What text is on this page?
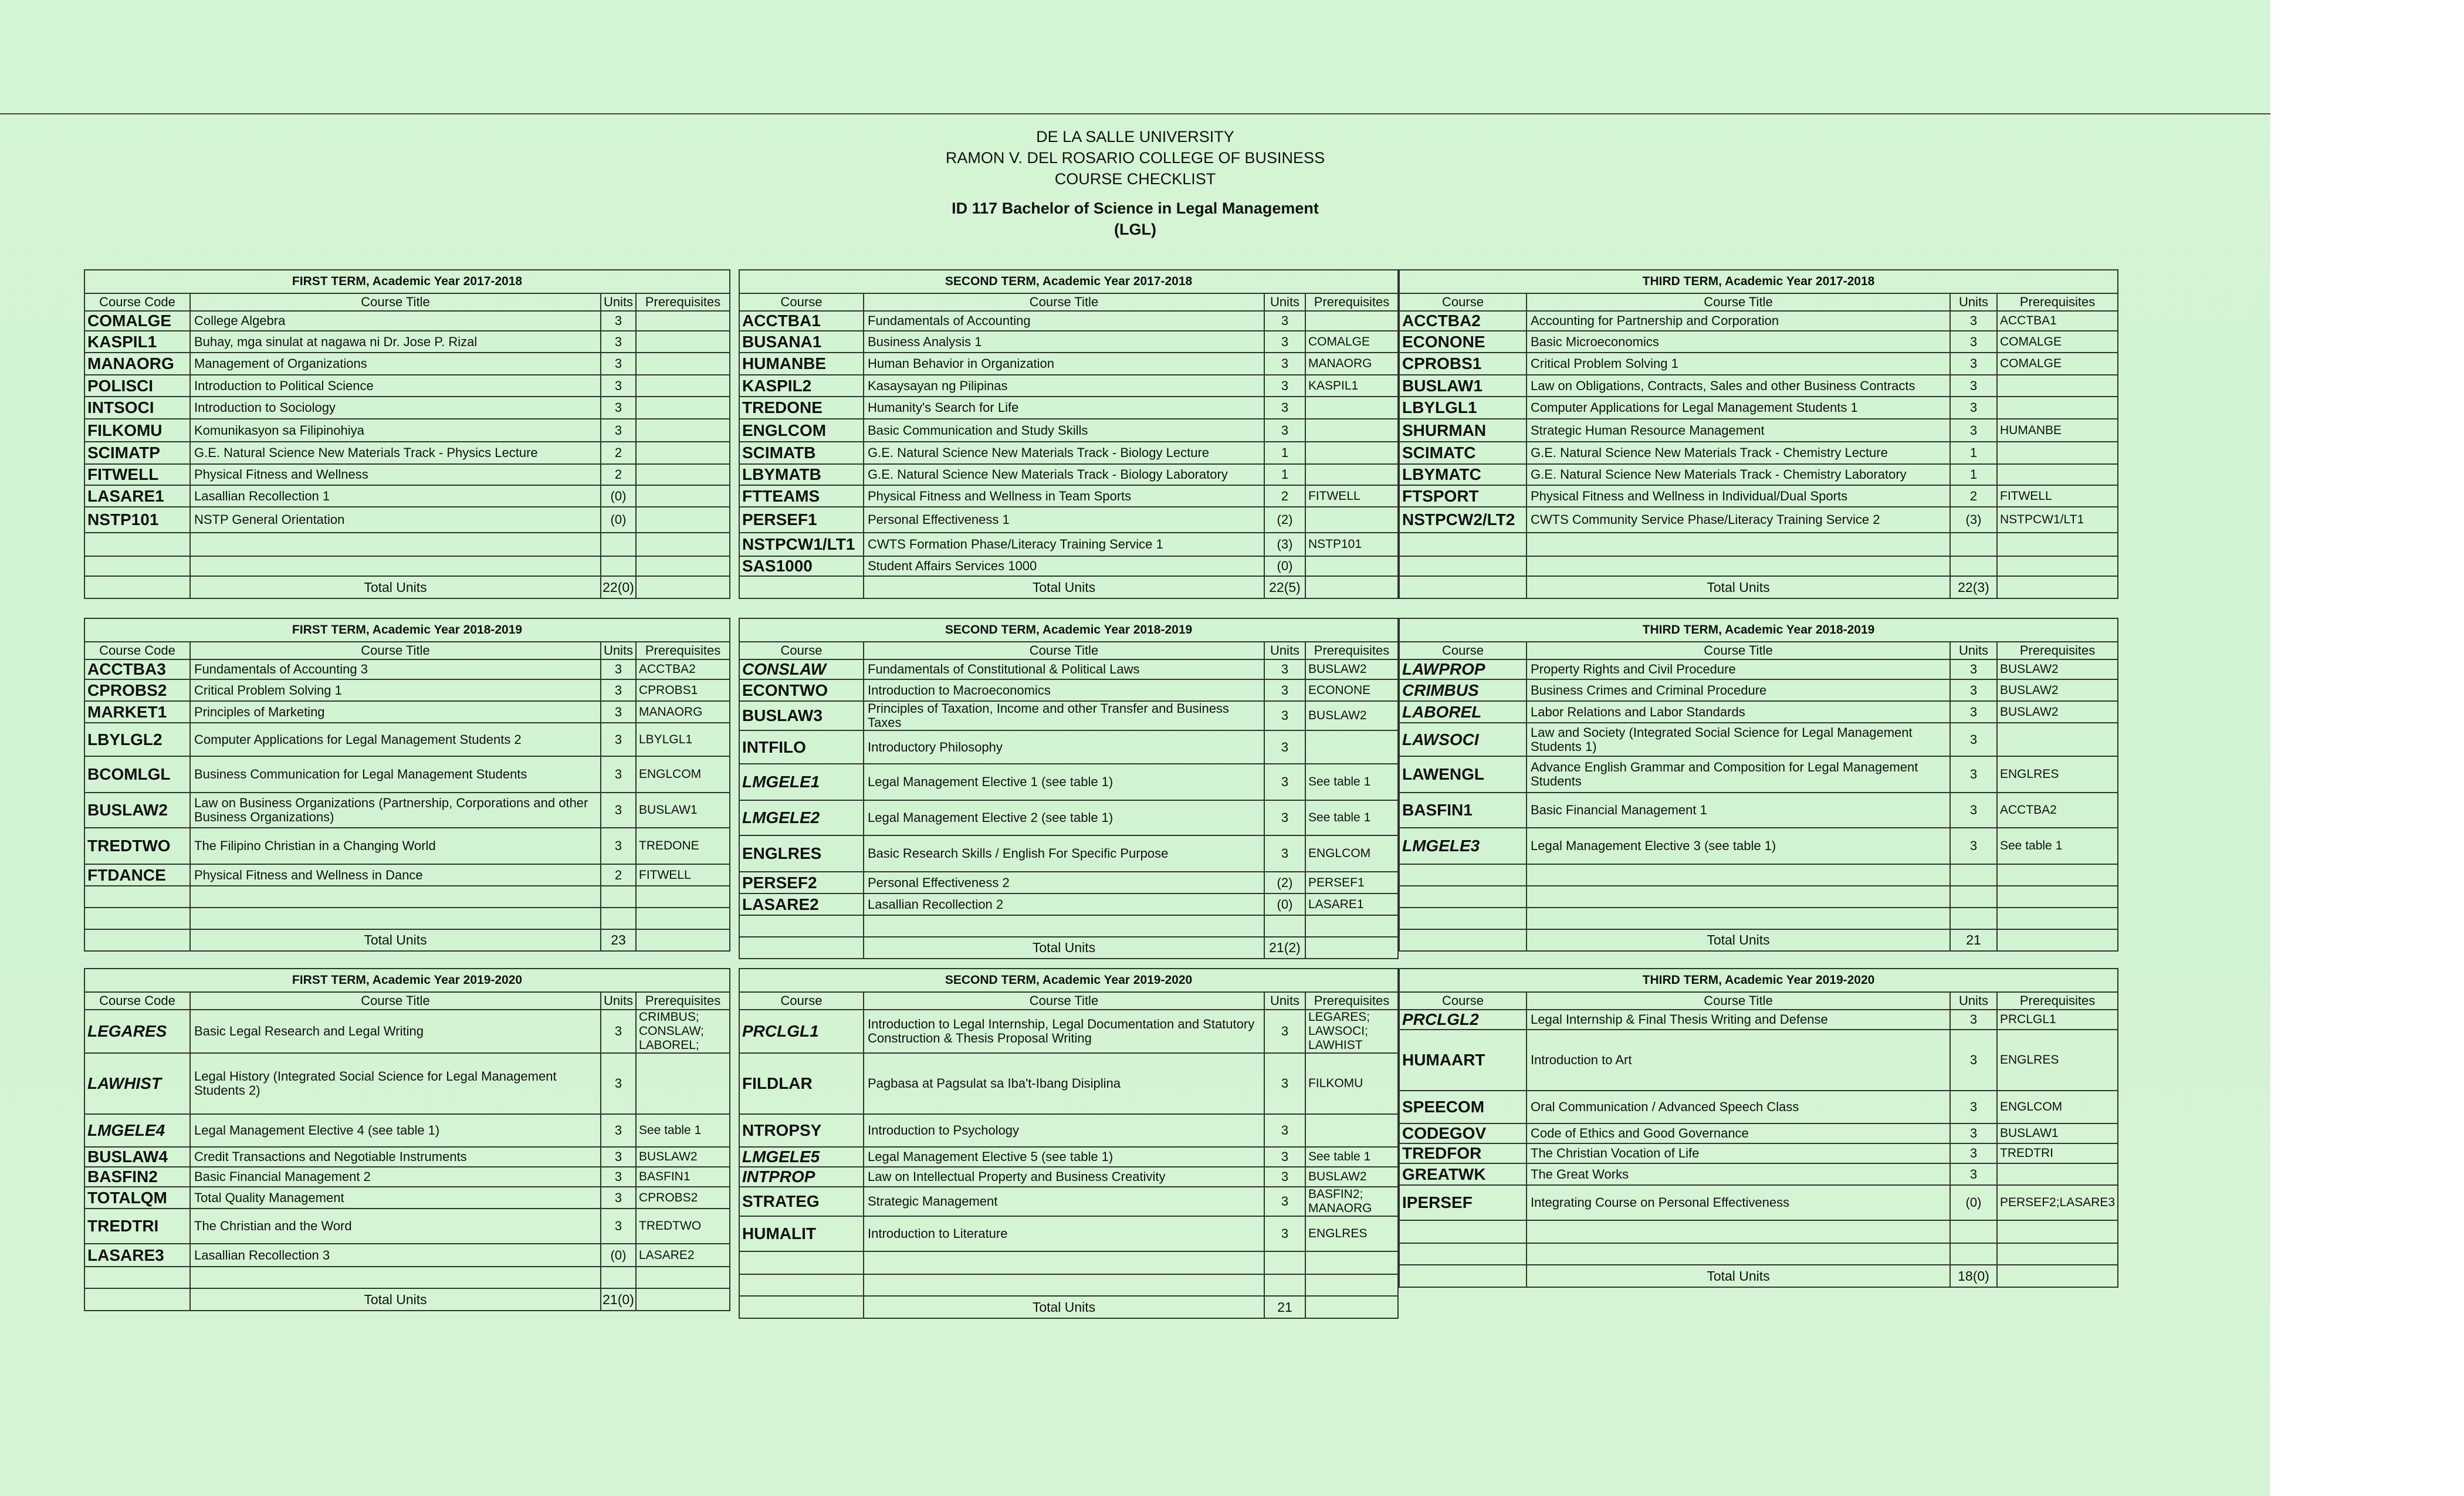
DE LA SALLE UNIVERSITY
RAMON V. DEL ROSARIO COLLEGE OF BUSINESS
COURSE CHECKLIST
ID 117 Bachelor of Science in Legal Management
(LGL)
FIRST TERM, Academic Year 2017-2018			
Course Code	Course Title	Units	Prerequisites
COMALGE	College Algebra	3	
KASPIL1	Buhay, mga sinulat at nagawa ni Dr. Jose P. Rizal	3	
MANAORG	Management of Organizations	3	
POLISCI	Introduction to Political Science	3	
INTSOCI	Introduction to Sociology	3	
FILKOMU	Komunikasyon sa Filipinohiya	3	
SCIMATP	G.E. Natural Science New Materials Track - Physics Lecture	2	
FITWELL	Physical Fitness and Wellness	2	
LASARE1	Lasallian Recollection 1	(0)	
NSTP101	NSTP General Orientation	(0)	

	Total Units	22(0)	
SECOND TERM, Academic Year 2017-2018			
Course	Course Title	Units	Prerequisites
ACCTBA1	Fundamentals of Accounting	3	
BUSANA1	Business Analysis 1	3	COMALGE
HUMANBE	Human Behavior in Organization	3	MANAORG
KASPIL2	Kasaysayan ng Pilipinas	3	KASPIL1
TREDONE	Humanity's Search for Life	3	
ENGLCOM	Basic Communication and Study Skills	3	
SCIMATB	G.E. Natural Science New Materials Track - Biology Lecture	1	
LBYMATB	G.E. Natural Science New Materials Track - Biology Laboratory	1	
FTTEAMS	Physical Fitness and Wellness in Team Sports	2	FITWELL
PERSEF1	Personal Effectiveness 1	(2)	
NSTPCW1/LT1	CWTS Formation Phase/Literacy Training Service 1	(3)	NSTP101
SAS1000	Student Affairs Services 1000	(0)	
	Total Units	22(5)	
THIRD TERM, Academic Year 2017-2018			
Course	Course Title	Units	Prerequisites
ACCTBA2	Accounting for Partnership and Corporation	3	ACCTBA1
ECONONE	Basic Microeconomics	3	COMALGE
CPROBS1	Critical Problem Solving 1	3	COMALGE
BUSLAW1	Law on Obligations, Contracts, Sales and other Business Contracts	3	
LBYLGL1	Computer Applications for Legal Management Students 1	3	
SHURMAN	Strategic Human Resource Management	3	HUMANBE
SCIMATC	G.E. Natural Science New Materials Track - Chemistry Lecture	1	
LBYMATC	G.E. Natural Science New Materials Track - Chemistry Laboratory	1	
FTSPORT	Physical Fitness and Wellness in Individual/Dual Sports	2	FITWELL
NSTPCW2/LT2	CWTS Community Service Phase/Literacy Training Service 2	(3)	NSTPCW1/LT1

	Total Units	22(3)	
FIRST TERM, Academic Year 2018-2019			
Course Code	Course Title	Units	Prerequisites
ACCTBA3	Fundamentals of Accounting 3	3	ACCTBA2
CPROBS2	Critical Problem Solving 1	3	CPROBS1
MARKET1	Principles of Marketing	3	MANAORG
LBYLGL2	Computer Applications for Legal Management Students 2	3	LBYLGL1
BCOMLGL	Business Communication for Legal Management Students	3	ENGLCOM
BUSLAW2	Law on Business Organizations (Partnership, Corporations and other Business Organizations)	3	BUSLAW1
TREDTWO	The Filipino Christian in a Changing World	3	TREDONE
FTDANCE	Physical Fitness and Wellness in Dance	2	FITWELL

	Total Units	23	
SECOND TERM, Academic Year 2018-2019			
Course	Course Title	Units	Prerequisites
CONSLAW	Fundamentals of Constitutional & Political Laws	3	BUSLAW2
ECONTWO	Introduction to Macroeconomics	3	ECONONE
BUSLAW3	Principles of Taxation, Income and other Transfer and Business Taxes	3	BUSLAW2
INTFILO	Introductory Philosophy	3	
LMGELE1	Legal Management Elective 1 (see table 1)	3	See table 1
LMGELE2	Legal Management Elective 2 (see table 1)	3	See table 1
ENGLRES	Basic Research Skills / English For Specific Purpose	3	ENGLCOM
PERSEF2	Personal Effectiveness 2	(2)	PERSEF1
LASARE2	Lasallian Recollection 2	(0)	LASARE1

	Total Units	21(2)	
THIRD TERM, Academic Year 2018-2019			
Course	Course Title	Units	Prerequisites
LAWPROP	Property Rights and Civil Procedure	3	BUSLAW2
CRIMBUS	Business Crimes and Criminal Procedure	3	BUSLAW2
LABOREL	Labor Relations and Labor Standards	3	BUSLAW2
LAWSOCI	Law and Society (Integrated Social Science for Legal Management Students 1)	3	
LAWENGL	Advance English Grammar and Composition for Legal Management Students	3	ENGLRES
BASFIN1	Basic Financial Management 1	3	ACCTBA2
LMGELE3	Legal Management Elective 3 (see table 1)	3	See table 1

	Total Units	21	
FIRST TERM, Academic Year 2019-2020			
Course Code	Course Title	Units	Prerequisites
LEGARES	Basic Legal Research and Legal Writing	3	CRIMBUS; CONSLAW; LABOREL;
LAWHIST	Legal History (Integrated Social Science for Legal Management Students 2)	3	
LMGELE4	Legal Management Elective 4 (see table 1)	3	See table 1
BUSLAW4	Credit Transactions and Negotiable Instruments	3	BUSLAW2
BASFIN2	Basic Financial Management 2	3	BASFIN1
TOTALQM	Total Quality Management	3	CPROBS2
TREDTRI	The Christian and the Word	3	TREDTWO
LASARE3	Lasallian Recollection 3	(0)	LASARE2

	Total Units	21(0)	
SECOND TERM, Academic Year 2019-2020			
Course	Course Title	Units	Prerequisites
PRCLGL1	Introduction to Legal Internship, Legal Documentation and Statutory Construction & Thesis Proposal Writing	3	LEGARES; LAWSOCI; LAWHIST
FILDLAR	Pagbasa at Pagsulat sa Iba't-Ibang Disiplina	3	FILKOMU
NTROPSY	Introduction to Psychology	3	
LMGELE5	Legal Management Elective 5 (see table 1)	3	See table 1
INTPROP	Law on Intellectual Property and Business Creativity	3	BUSLAW2
STRATEG	Strategic Management	3	BASFIN2; MANAORG
HUMALIT	Introduction to Literature	3	ENGLRES

	Total Units	21	
THIRD TERM, Academic Year 2019-2020			
Course	Course Title	Units	Prerequisites
PRCLGL2	Legal Internship & Final Thesis Writing and Defense	3	PRCLGL1
HUMAART	Introduction to Art	3	ENGLRES
SPEECOM	Oral Communication / Advanced Speech Class	3	ENGLCOM
CODEGOV	Code of Ethics and Good Governance	3	BUSLAW1
TREDFOR	The Christian Vocation of Life	3	TREDTRI
GREATWK	The Great Works	3	
IPERSEF	Integrating Course on Personal Effectiveness	(0)	PERSEF2;LASARE3

	Total Units	18(0)	
